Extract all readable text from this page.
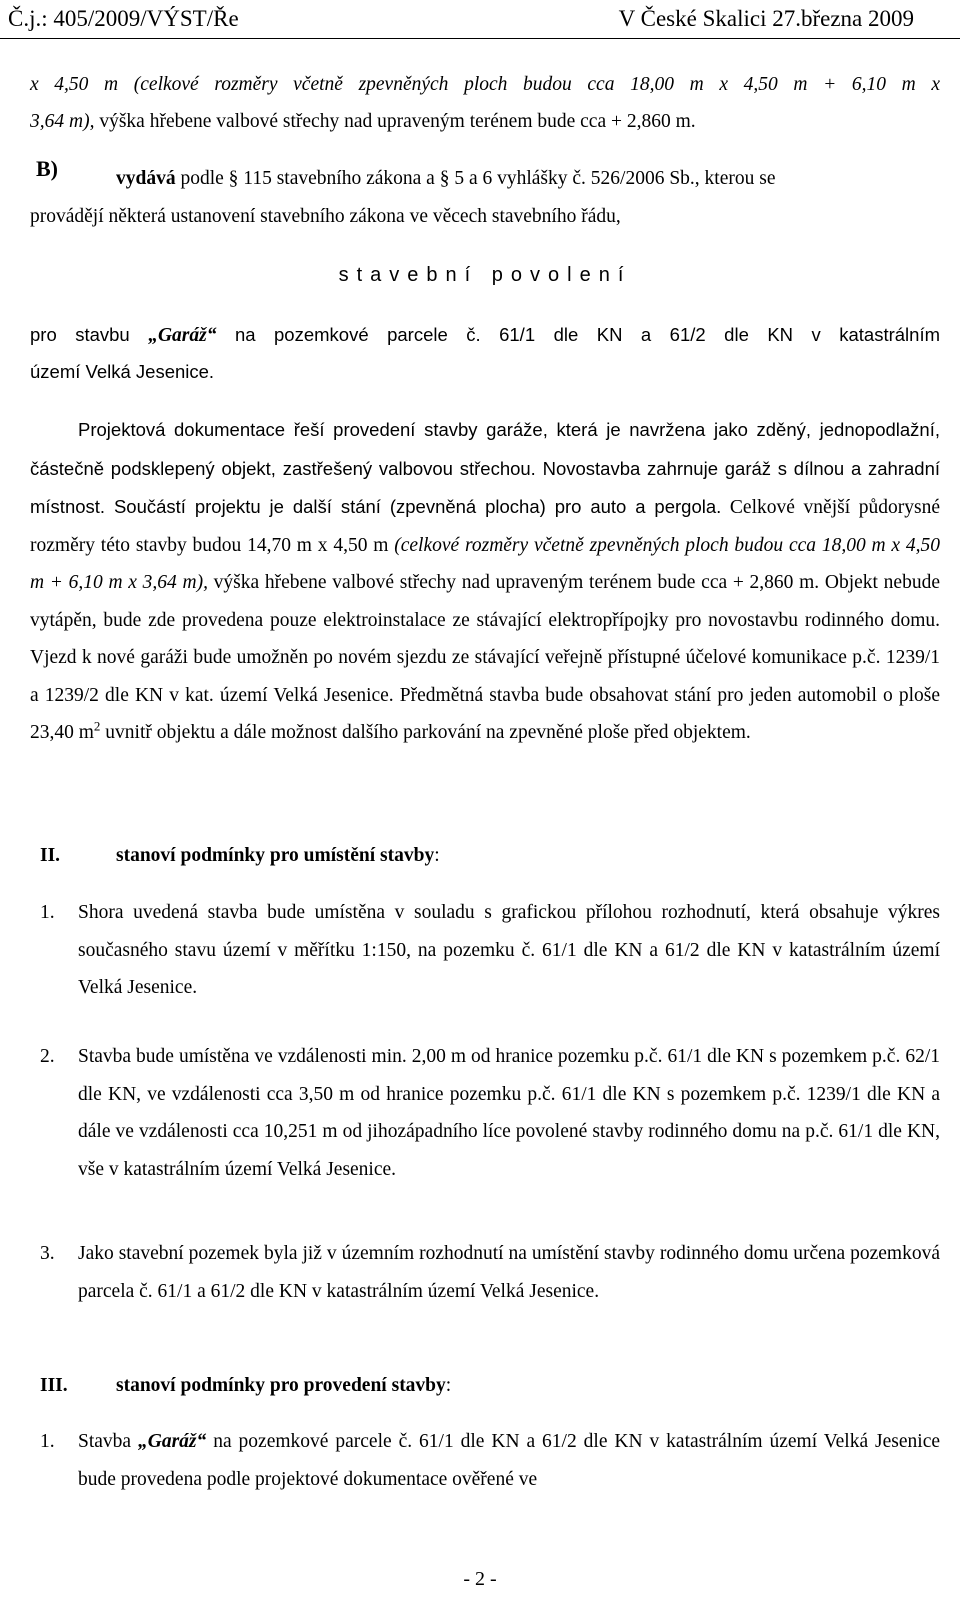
Č.j.: 405/2009/VÝST/Ře	V České Skalici 27.března 2009
x 4,50 m (celkové rozměry včetně zpevněných ploch budou cca 18,00 m x 4,50 m + 6,10 m x
3,64 m), výška hřebene valbové střechy nad upraveným terénem bude cca + 2,860 m.
B)	vydává podle § 115 stavebního zákona a § 5 a 6 vyhlášky č. 526/2006 Sb., kterou se
provádějí některá ustanovení stavebního zákona ve věcech stavebního řádu,
stavební povolení
pro stavbu „Garáž“ na pozemkové parcele č. 61/1 dle KN a 61/2 dle KN v katastrálním
území Velká Jesenice.
Projektová dokumentace řeší provedení stavby garáže, která je navržena jako zděný, jednopodlažní, částečně podsklepený objekt, zastřešený valbovou střechou. Novostavba zahrnuje garáž s dílnou a zahradní místnost. Součástí projektu je další stání (zpevněná plocha) pro auto a pergola. Celkové vnější půdorysné rozměry této stavby budou 14,70 m x 4,50 m (celkové rozměry včetně zpevněných ploch budou cca 18,00 m x 4,50 m + 6,10 m x 3,64 m), výška hřebene valbové střechy nad upraveným terénem bude cca + 2,860 m. Objekt nebude vytápěn, bude zde provedena pouze elektroinstalace ze stávající elektropřípojky pro novostavbu rodinného domu. Vjezd k nové garáži bude umožněn po novém sjezdu ze stávající veřejně přístupné účelové komunikace p.č. 1239/1 a 1239/2 dle KN v kat. území Velká Jesenice. Předmětná stavba bude obsahovat stání pro jeden automobil o ploše 23,40 $m^2$ uvnitř objektu a dále možnost dalšího parkování na zpevněné ploše před objektem.
II.	stanoví podmínky pro umístění stavby:
1. Shora uvedená stavba bude umístěna v souladu s grafickou přílohou rozhodnutí, která obsahuje výkres současného stavu území v měřítku 1:150, na pozemku č. 61/1 dle KN a 61/2 dle KN v katastrálním území Velká Jesenice.
2. Stavba bude umístěna ve vzdálenosti min. 2,00 m od hranice pozemku p.č. 61/1 dle KN s pozemkem p.č. 62/1 dle KN, ve vzdálenosti cca 3,50 m od hranice pozemku p.č. 61/1 dle KN s pozemkem p.č. 1239/1 dle KN a dále ve vzdálenosti cca 10,251 m od jihozápadního líce povolené stavby rodinného domu na p.č. 61/1 dle KN, vše v katastrálním území Velká Jesenice.
3. Jako stavební pozemek byla již v územním rozhodnutí na umístění stavby rodinného domu určena pozemková parcela č. 61/1 a 61/2 dle KN v katastrálním území Velká Jesenice.
III. stanoví podmínky pro provedení stavby:
1. Stavba „Garáž“ na pozemkové parcele č. 61/1 dle KN a 61/2 dle KN v katastrálním území Velká Jesenice bude provedena podle projektové dokumentace ověřené ve
- 2 -
